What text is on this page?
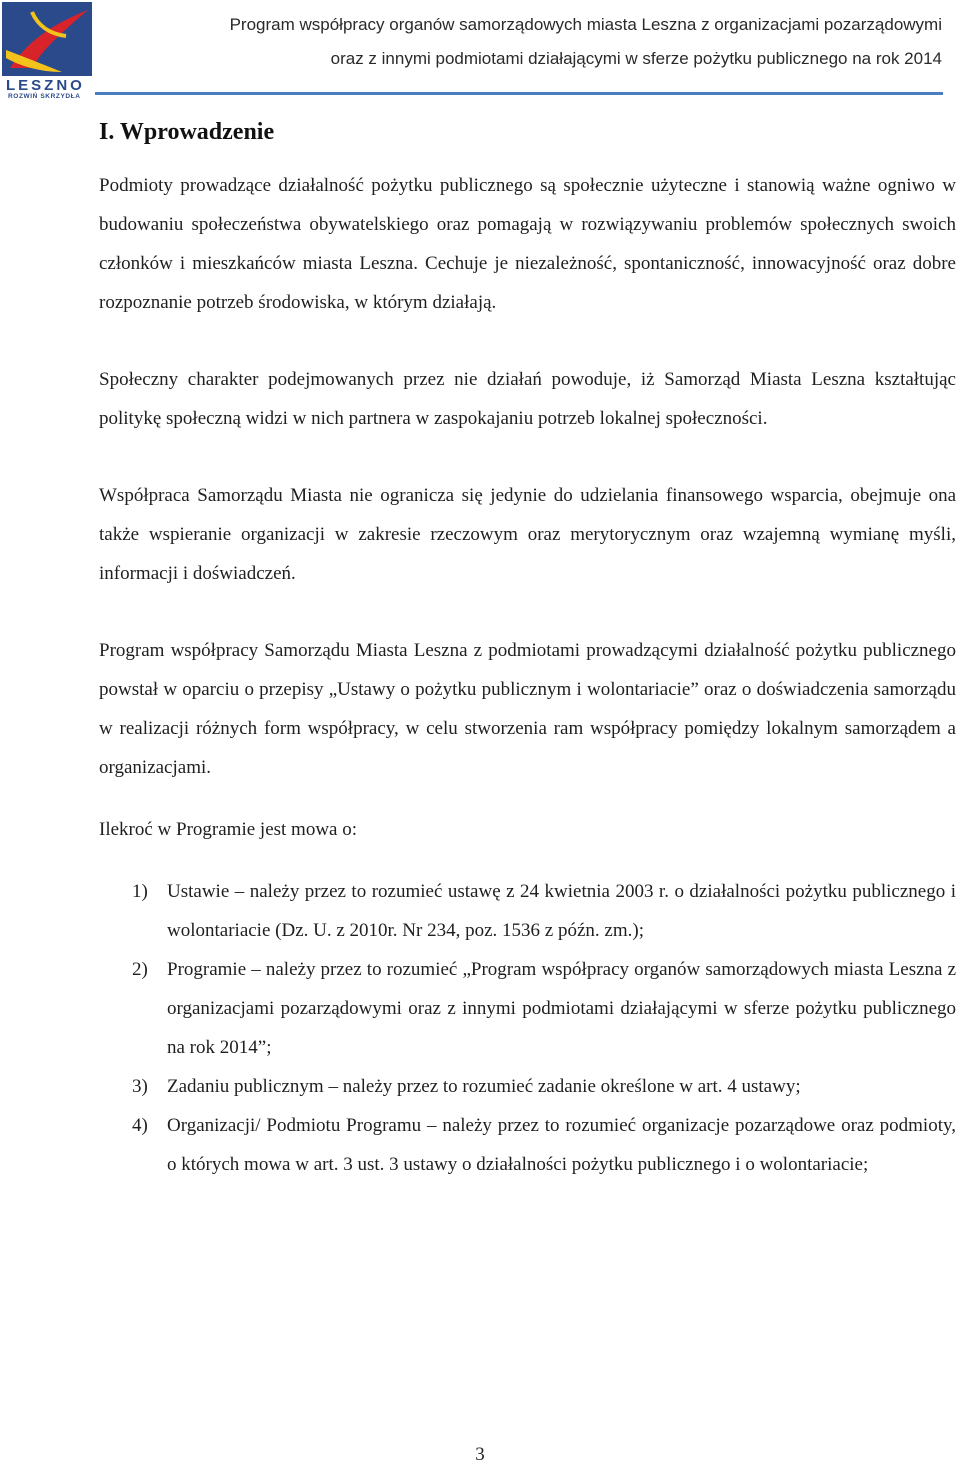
LESZNO
ROZWIŃ SKRZYDŁA
Program współpracy organów samorządowych miasta Leszna z organizacjami pozarządowymi
oraz z innymi podmiotami działającymi w sferze pożytku publicznego na rok 2014
I. Wprowadzenie

Podmioty prowadzące działalność pożytku publicznego są społecznie użyteczne i stanowią ważne ogniwo w budowaniu społeczeństwa obywatelskiego oraz pomagają w rozwiązywaniu problemów społecznych swoich członków i mieszkańców miasta Leszna. Cechuje je niezależność, spontaniczność, innowacyjność oraz dobre rozpoznanie potrzeb środowiska, w którym działają.

Społeczny charakter podejmowanych przez nie działań powoduje, iż Samorząd Miasta Leszna kształtując politykę społeczną widzi w nich partnera w zaspokajaniu potrzeb lokalnej społeczności.

Współpraca Samorządu Miasta nie ogranicza się jedynie do udzielania finansowego wsparcia, obejmuje ona także wspieranie organizacji w zakresie rzeczowym oraz merytorycznym oraz wzajemną wymianę myśli, informacji i doświadczeń.

Program współpracy Samorządu Miasta Leszna z podmiotami prowadzącymi działalność pożytku publicznego powstał w oparciu o przepisy „Ustawy o pożytku publicznym i wolontariacie” oraz o doświadczenia samorządu w realizacji różnych form współpracy, w celu stworzenia ram współpracy pomiędzy lokalnym samorządem a organizacjami.

Ilekroć w Programie jest mowa o:

1) Ustawie – należy przez to rozumieć ustawę z 24 kwietnia 2003 r. o działalności pożytku publicznego i wolontariacie (Dz. U. z 2010r. Nr 234, poz. 1536 z późn. zm.);
2) Programie – należy przez to rozumieć „Program współpracy organów samorządowych miasta Leszna z organizacjami pozarządowymi oraz z innymi podmiotami działającymi w sferze pożytku publicznego na rok 2014”;
3) Zadaniu publicznym – należy przez to rozumieć zadanie określone w art. 4 ustawy;
4) Organizacji/ Podmiotu Programu – należy przez to rozumieć organizacje pozarządowe oraz podmioty, o których mowa w art. 3 ust. 3 ustawy o działalności pożytku publicznego i o wolontariacie;
3
